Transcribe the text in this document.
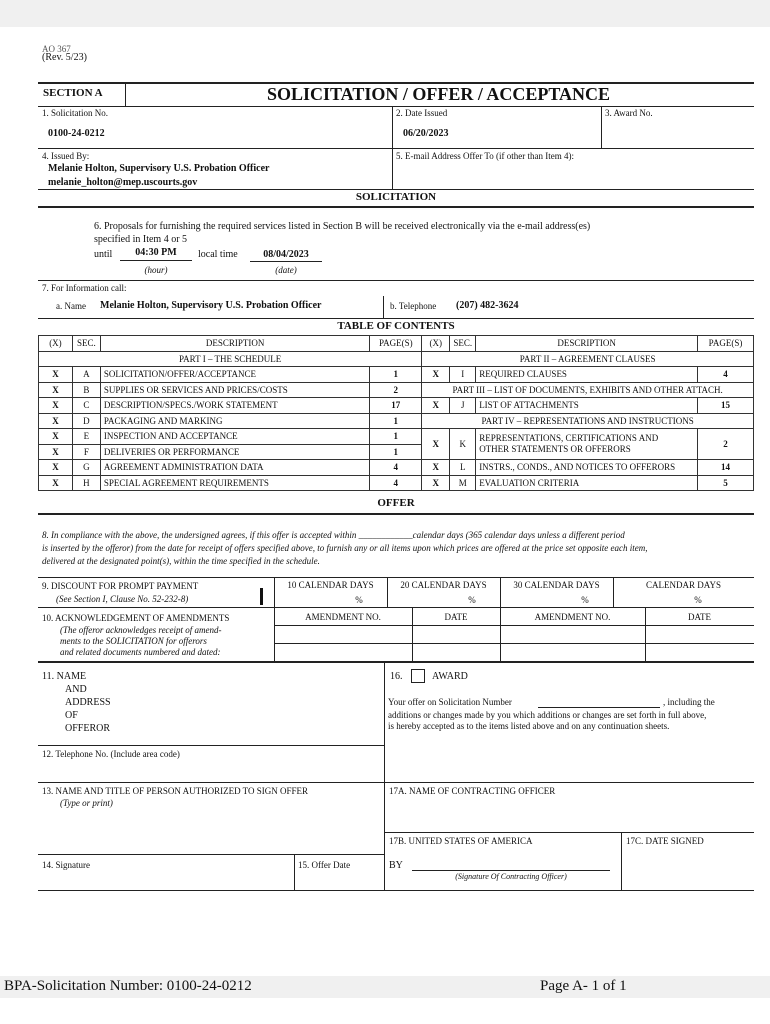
AO 367
(Rev. 5/23)
SECTION A	SOLICITATION / OFFER / ACCEPTANCE
1. Solicitation No.
0100-24-0212
2. Date Issued
06/20/2023
3. Award No.
4. Issued By:
Melanie Holton, Supervisory U.S. Probation Officer
melanie_holton@mep.uscourts.gov
5. E-mail Address Offer To (if other than Item 4):
SOLICITATION
6. Proposals for furnishing the required services listed in Section B will be received electronically via the e-mail address(es)
specified in Item 4 or 5
until	04:30 PM	local time	08/04/2023
(hour)	(date)
7. For Information call:
a. Name Melanie Holton, Supervisory U.S. Probation Officer	b. Telephone (207) 482-3624
TABLE OF CONTENTS
(X)	SEC.	DESCRIPTION	PAGE(S)	(X)	SEC.	DESCRIPTION	PAGE(S)
PART I – THE SCHEDULE				PART II – AGREEMENT CLAUSES			
X	A	SOLICITATION/OFFER/ACCEPTANCE	1	X	I	REQUIRED CLAUSES	4
X	B	SUPPLIES OR SERVICES AND PRICES/COSTS	2	PART III – LIST OF DOCUMENTS, EXHIBITS AND OTHER ATTACH.			
X	C	DESCRIPTION/SPECS./WORK STATEMENT	17	X	J	LIST OF ATTACHMENTS	15
X	D	PACKAGING AND MARKING	1	PART IV – REPRESENTATIONS AND INSTRUCTIONS			
X	E	INSPECTION AND ACCEPTANCE	1	X	K	REPRESENTATIONS, CERTIFICATIONS AND
OTHER STATEMENTS OR OFFERORS	2
X	F	DELIVERIES OR PERFORMANCE	1				
X	G	AGREEMENT ADMINISTRATION DATA	4	X	L	INSTRS., CONDS., AND NOTICES TO OFFERORS	14
X	H	SPECIAL AGREEMENT REQUIREMENTS	4	X	M	EVALUATION CRITERIA	5
OFFER
8. In compliance with the above, the undersigned agrees, if this offer is accepted within ____________calendar days (365 calendar days unless a different period
is inserted by the offeror) from the date for receipt of offers specified above, to furnish any or all items upon which prices are offered at the price set opposite each item,
delivered at the designated point(s), within the time specified in the schedule.
9. DISCOUNT FOR PROMPT PAYMENT
(See Section I, Clause No. 52-232-8)
10 CALENDAR DAYS
%
20 CALENDAR DAYS
%
30 CALENDAR DAYS
%
CALENDAR DAYS
%
10. ACKNOWLEDGEMENT OF AMENDMENTS
(The offeror acknowledges receipt of amend-
ments to the SOLICITATION for offerors
and related documents numbered and dated:
AMENDMENT NO.	DATE	AMENDMENT NO.	DATE
11. NAME
AND
ADDRESS
OF
OFFEROR
12. Telephone No. (Include area code)
13. NAME AND TITLE OF PERSON AUTHORIZED TO SIGN OFFER
(Type or print)
14. Signature	15. Offer Date
16.	AWARD
Your offer on Solicitation Number	, including the
additions or changes made by you which additions or changes are set forth in full above,
is hereby accepted as to the items listed above and on any continuation sheets.
17A. NAME OF CONTRACTING OFFICER
17B. UNITED STATES OF AMERICA	17C. DATE SIGNED
BY
(Signature Of Contracting Officer)
BPA-Solicitation Number: 0100-24-0212	Page A- 1 of 1
